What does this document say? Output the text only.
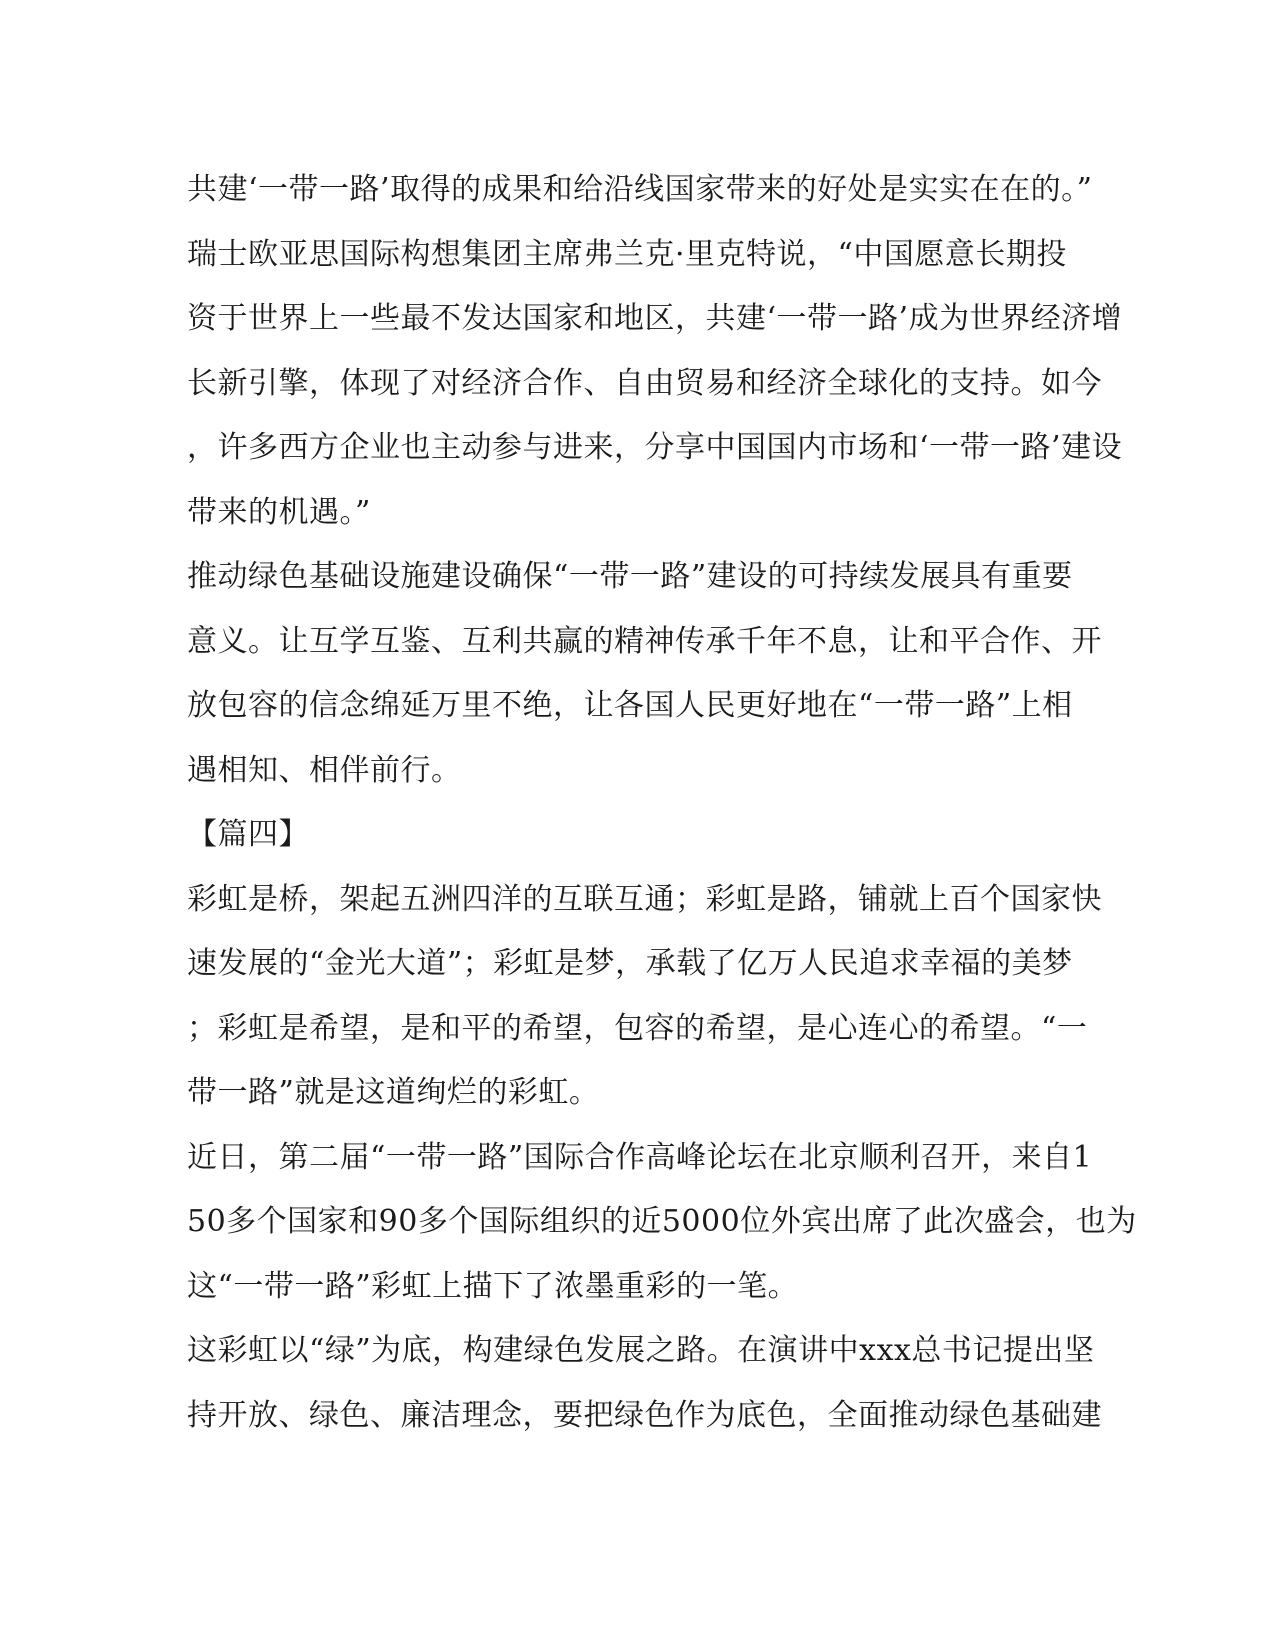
共建‘一带一路’取得的成果和给沿线国家带来的好处是实实在在的。”
瑞士欧亚思国际构想集团主席弗兰克·里克特说，“中国愿意长期投
资于世界上一些最不发达国家和地区，共建‘一带一路’成为世界经济增
长新引擎，体现了对经济合作、自由贸易和经济全球化的支持。如今
，许多西方企业也主动参与进来，分享中国国内市场和‘一带一路’建设
带来的机遇。”
推动绿色基础设施建设确保“一带一路”建设的可持续发展具有重要
意义。让互学互鉴、互利共赢的精神传承千年不息，让和平合作、开
放包容的信念绵延万里不绝，让各国人民更好地在“一带一路”上相
遇相知、相伴前行。
【篇四】
彩虹是桥，架起五洲四洋的互联互通；彩虹是路，铺就上百个国家快
速发展的“金光大道”；彩虹是梦，承载了亿万人民追求幸福的美梦
；彩虹是希望，是和平的希望，包容的希望，是心连心的希望。“一
带一路”就是这道绚烂的彩虹。
近日，第二届“一带一路”国际合作高峰论坛在北京顺利召开，来自1
50多个国家和90多个国际组织的近5000位外宾出席了此次盛会，也为
这“一带一路”彩虹上描下了浓墨重彩的一笔。
这彩虹以“绿”为底，构建绿色发展之路。在演讲中xxx总书记提出坚
持开放、绿色、廉洁理念，要把绿色作为底色，全面推动绿色基础建
